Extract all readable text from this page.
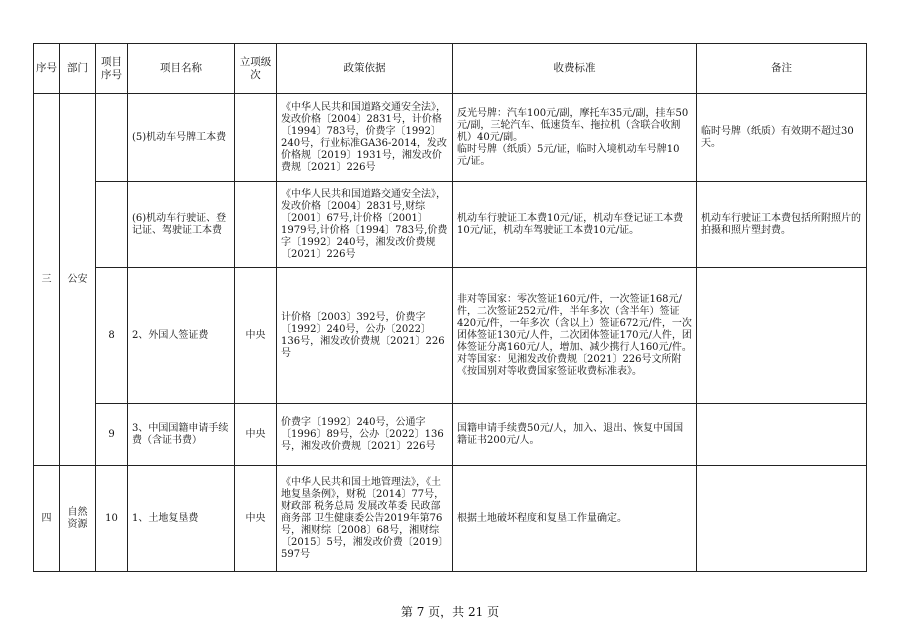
序号	部门	项目序号	项目名称	立项级次	政策依据	收费标准	备注
三	公安		(5)机动车号牌工本费		《中华人民共和国道路交通安全法》，发改价格〔2004〕2831号，计价格〔1994〕783号，价费字〔1992〕240号，行业标准GA36-2014，发改价格规〔2019〕1931号，湘发改价费规〔2021〕226号	反光号牌：汽车100元/副，摩托车35元/副，挂车50元/副，三轮汽车、低速货车、拖拉机（含联合收割机）40元/副。
临时号牌（纸质）5元/证，临时入境机动车号牌10元/证。	临时号牌（纸质）有效期不超过30天。
			(6)机动车行驶证、登记证、驾驶证工本费		《中华人民共和国道路交通安全法》，发改价格〔2004〕2831号,财综〔2001〕67号,计价格〔2001〕1979号,计价格〔1994〕783号,价费字〔1992〕240号，湘发改价费规〔2021〕226号	机动车行驶证工本费10元/证，机动车登记证工本费10元/证，机动车驾驶证工本费10元/证。	机动车行驶证工本费包括所附照片的拍摄和照片塑封费。
		8	2、外国人签证费	中央	计价格〔2003〕392号，价费字〔1992〕240号，公办〔2022〕136号，湘发改价费规〔2021〕226号	非对等国家：零次签证160元/件，一次签证168元/件，二次签证252元/件，半年多次（含半年）签证420元/件，一年多次（含以上）签证672元/件，一次团体签证130元/人件，二次团体签证170元/人件，团体签证分离160元/人，增加、减少携行人160元/件。
对等国家：见湘发改价费规〔2021〕226号文所附《按国别对等收费国家签证收费标准表》。	
		9	3、中国国籍申请手续费（含证书费）	中央	价费字〔1992〕240号，公通字〔1996〕89号，公办〔2022〕136号，湘发改价费规〔2021〕226号	国籍申请手续费50元/人，加入、退出、恢复中国国籍证书200元/人。	
四	自然资源	10	1、土地复垦费	中央	《中华人民共和国土地管理法》，《土地复垦条例》，财税〔2014〕77号，财政部 税务总局 发展改革委 民政部 商务部 卫生健康委公告2019年第76号，湘财综〔2008〕68号，湘财综〔2015〕5号，湘发改价费〔2019〕597号	根据土地破坏程度和复垦工作量确定。	
第 7 页，共 21 页
